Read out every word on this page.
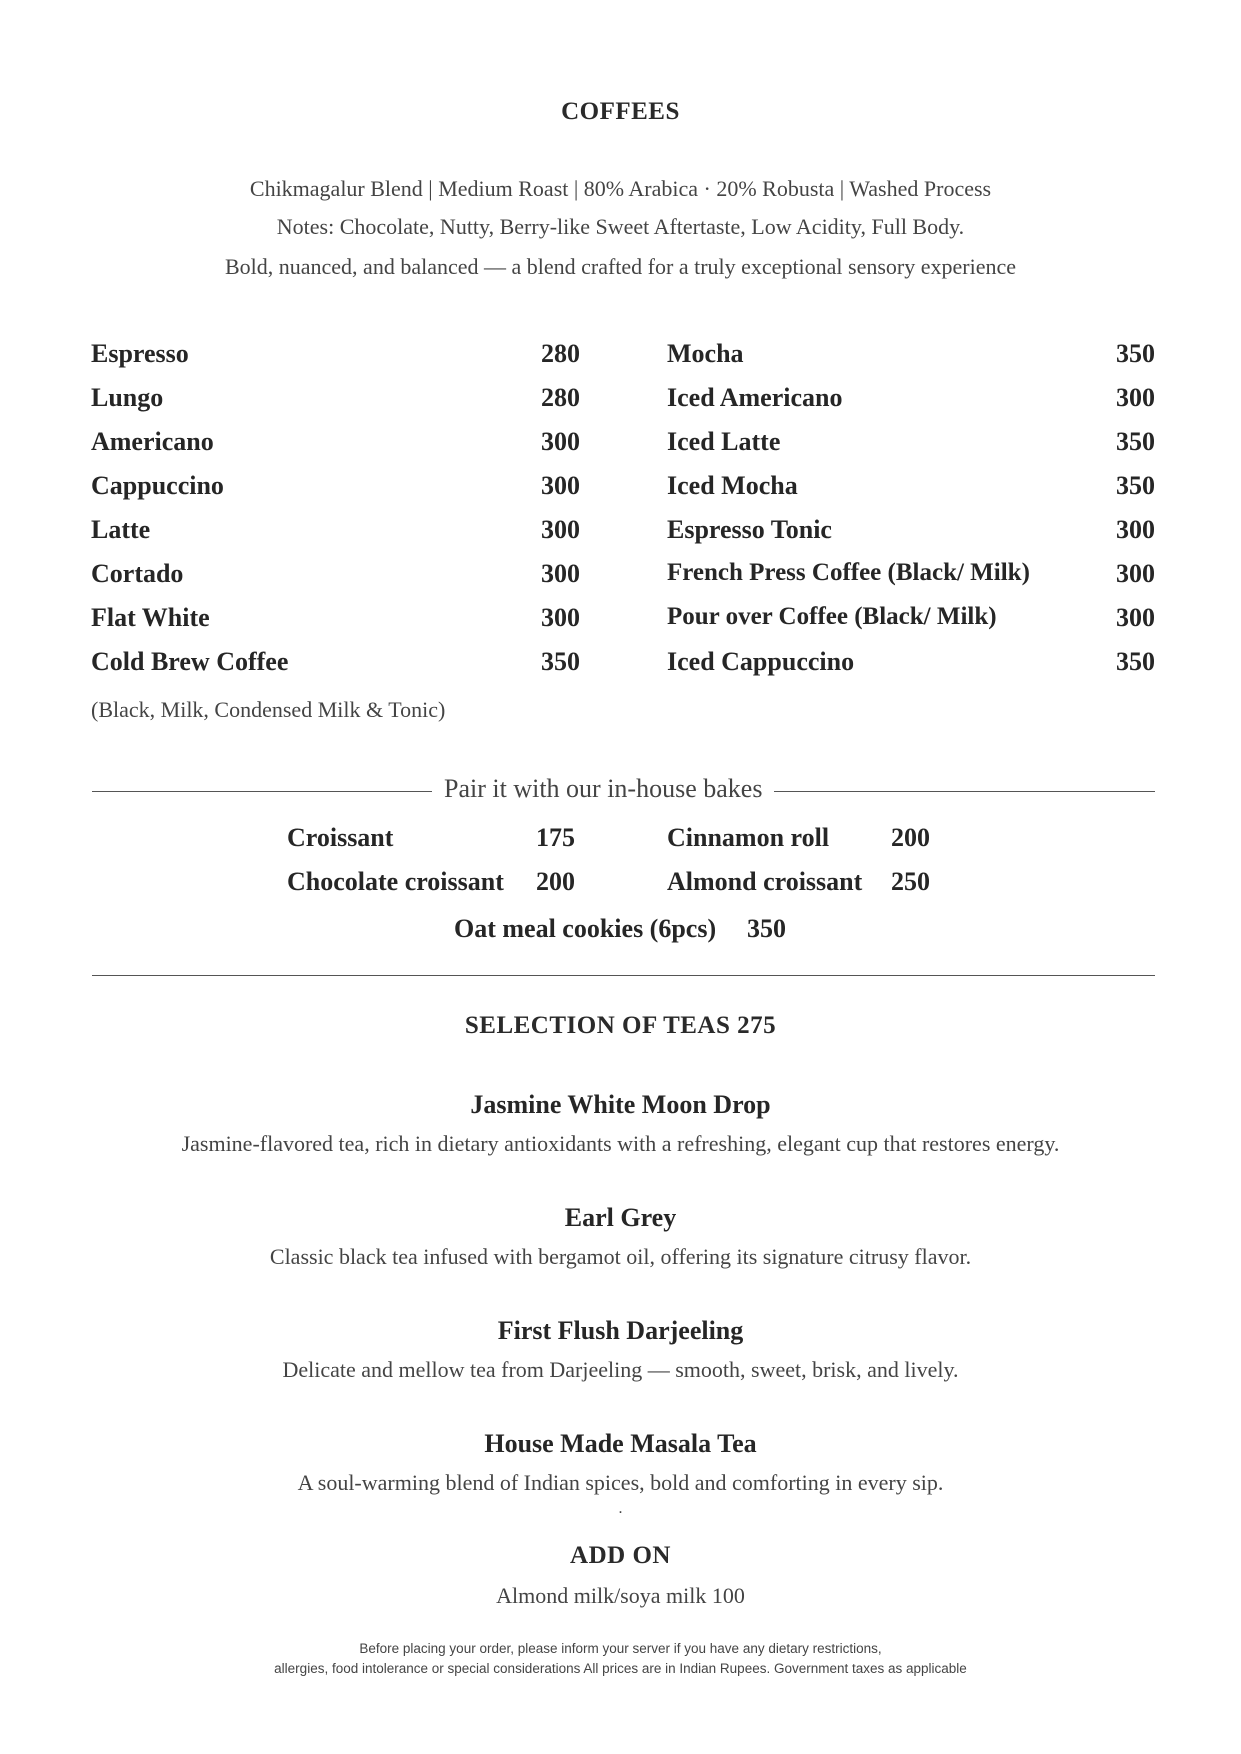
COFFEES
Chikmagalur Blend | Medium Roast | 80% Arabica · 20% Robusta | Washed Process
Notes: Chocolate, Nutty, Berry-like Sweet Aftertaste, Low Acidity, Full Body.
Bold, nuanced, and balanced — a blend crafted for a truly exceptional sensory experience
Espresso	280
Lungo	280
Americano	300
Cappuccino	300
Latte	300
Cortado	300
Flat White	300
Cold Brew Coffee	350
(Black, Milk, Condensed Milk & Tonic)
Mocha	350
Iced Americano	300
Iced Latte	350
Iced Mocha	350
Espresso Tonic	300
French Press Coffee (Black/ Milk)	300
Pour over Coffee (Black/ Milk)	300
Iced Cappuccino	350
Pair it with our in-house bakes
Croissant	175
Chocolate croissant	200
Cinnamon roll	200
Almond croissant	250
Oat meal cookies (6pcs)	350
SELECTION OF TEAS 275
Jasmine White Moon Drop
Jasmine-flavored tea, rich in dietary antioxidants with a refreshing, elegant cup that restores energy.
Earl Grey
Classic black tea infused with bergamot oil, offering its signature citrusy flavor.
First Flush Darjeeling
Delicate and mellow tea from Darjeeling — smooth, sweet, brisk, and lively.
House Made Masala Tea
A soul-warming blend of Indian spices, bold and comforting in every sip.
.
ADD ON
Almond milk/soya milk 100
Before placing your order, please inform your server if you have any dietary restrictions,
allergies, food intolerance or special considerations All prices are in Indian Rupees. Government taxes as applicable
